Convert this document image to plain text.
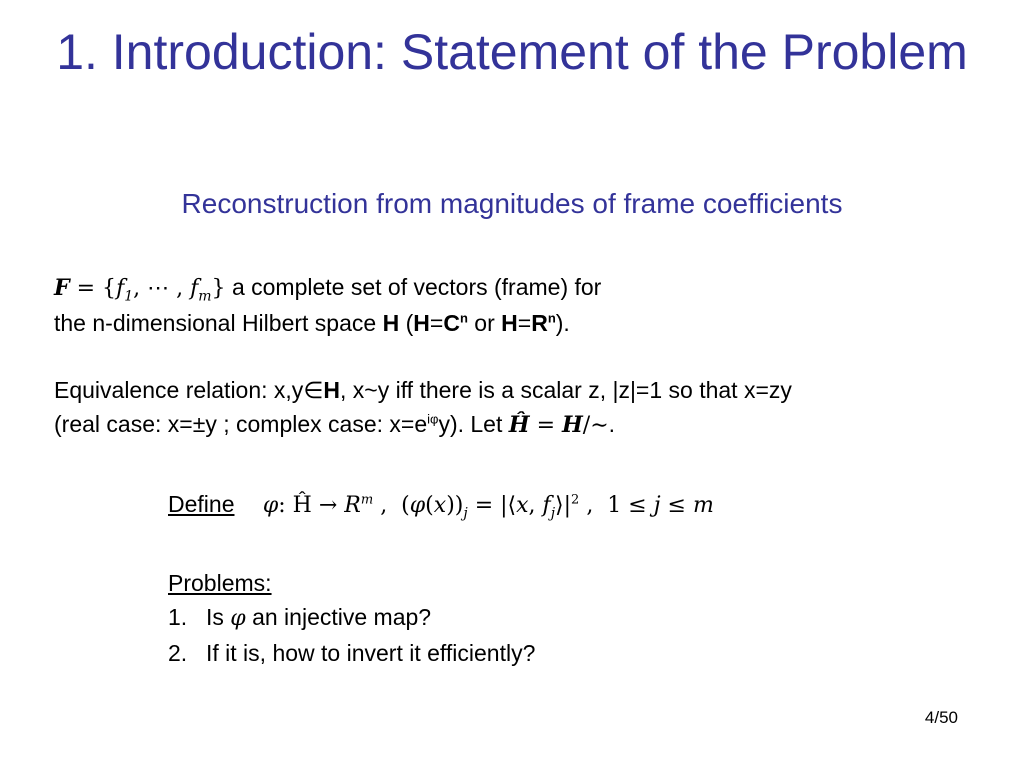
1. Introduction: Statement of the Problem
Reconstruction from magnitudes of frame coefficients
$F = \{f_1$, ⋯ , $f_m$} a complete set of vectors (frame) for
the n-dimensional Hilbert space H ($H=C^n$ or $H=R^n$).
Equivalence relation: x,y∈H, x~y iff there is a scalar z, |z|=1 so that x=zy
(real case: x=±y ; complex case: $x=e^{i\varphi}y$). Let Ĥ = H/∼.
Define φ: Ĥ → $R^m$ ,  $(\varphi(x))_j$ = |⟨x, $f_j⟩|^2$ ,  1 ≤ j ≤ m
Problems:
1. Is φ an injective map?
2. If it is, how to invert it efficiently?
4/50
